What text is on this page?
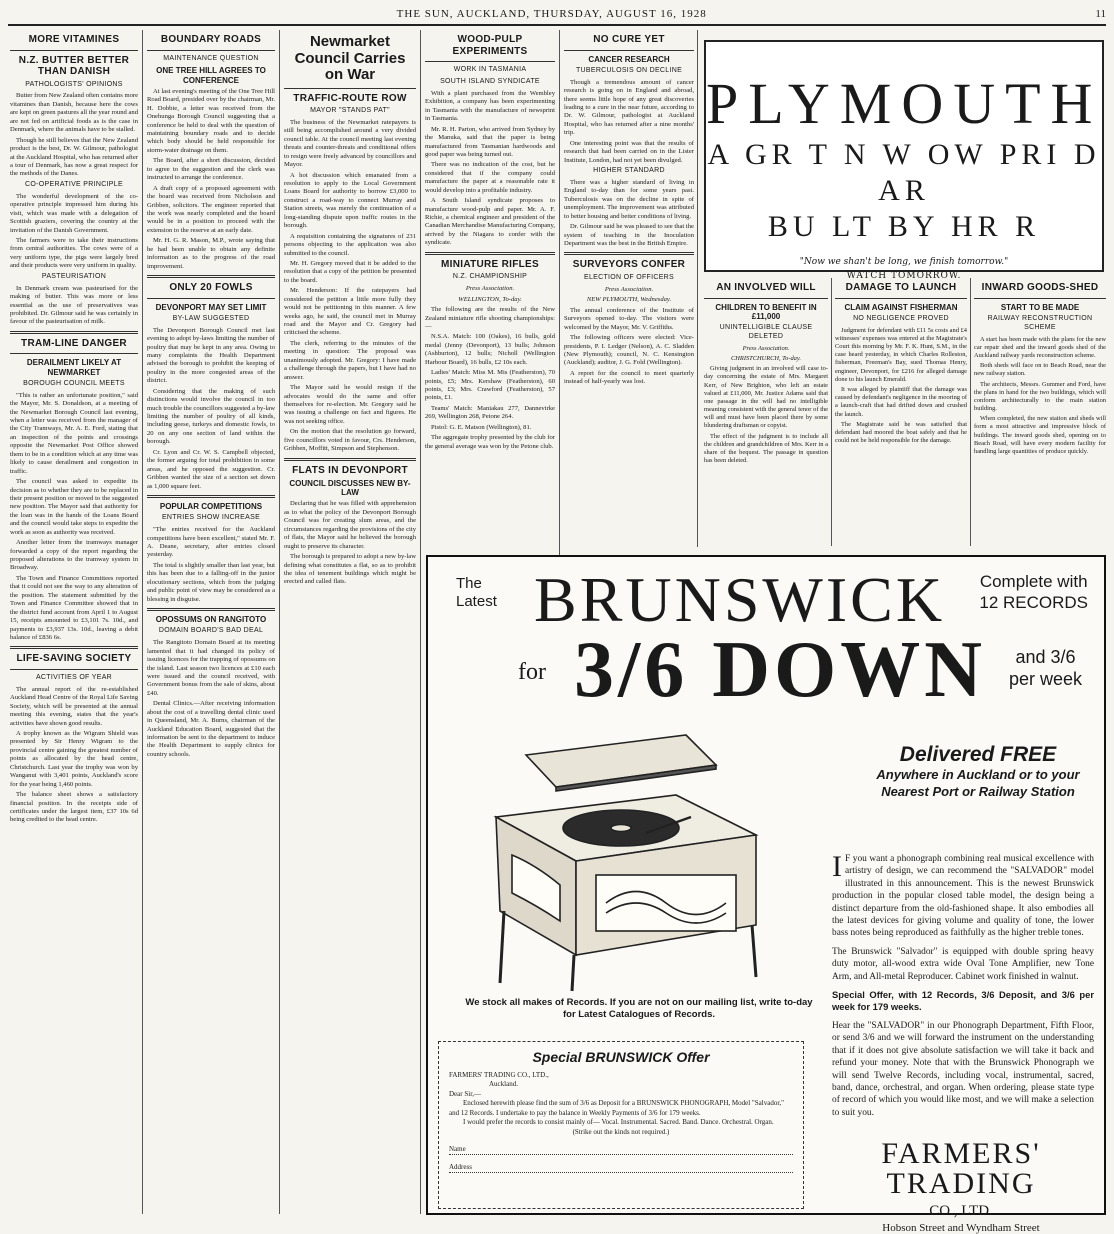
THE SUN, AUCKLAND, THURSDAY, AUGUST 16, 1928	11
MORE VITAMINES
N.Z. BUTTER BETTER THAN DANISH
PATHOLOGISTS' OPINIONS

Butter from New Zealand often contains more vitamines than Danish, because here the cows are kept on green pastures all the year round and are not fed on artificial foods as is the case in Denmark, where the animals have to be stalled.

Though he still believes that the New Zealand product is the best, Dr. W. Gilmour, pathologist at the Auckland Hospital, who has returned after a tour of Denmark, has now a great respect for the methods of the Danes.

CO-OPERATIVE PRINCIPLE

The wonderful development of the co-operative principle impressed him during his visit, which was made with a delegation of Scottish graziers, covering the country at the invitation of the Danish Government.

The farmers were to take their instructions from central authorities. The cows were of a very uniform type, the pigs were largely bred and their products were very uniform in quality.

PASTEURISATION

In Denmark cream was pasteurised for the making of butter. This was more or less essential as the use of preservatives was prohibited. Dr. Gilmour said he was certainly in favour of the pasteurisation of milk.

TRAM-LINE DANGER
DERAILMENT LIKELY AT NEWMARKET
BOROUGH COUNCIL MEETS

"This is rather an unfortunate position," said the Mayor, Mr. S. Donaldson, at a meeting of the Newmarket Borough Council last evening, when a letter was received from the manager of the City Tramways, Mr. A. E. Ford, stating that an inspection of the points and crossings opposite the Newmarket Post Office showed them to be in a condition which at any time was likely to cause derailment and congestion in traffic.

The council was asked to expedite its decision as to whether they are to be replaced in their present position or moved to the suggested new position. The Mayor said that authority for the loan was in the hands of the Loans Board and the council would take steps to expedite the work as soon as authority was received.

Another letter from the tramways manager forwarded a copy of the report regarding the proposed alterations to the tramway system in Broadway.

The Town and Finance Committees reported that it could not see the way to any alteration of the position. The statement submitted by the Town and Finance Committee showed that in the district fund account from April 1 to August 15, receipts amounted to £3,101 7s. 10d., and payments to £3,937 13s. 10d., leaving a debit balance of £836 6s.

LIFE-SAVING SOCIETY
ACTIVITIES OF YEAR

The annual report of the re-established Auckland Head Centre of the Royal Life Saving Society, which will be presented at the annual meeting this evening, states that the year's activities have shown good results.

A trophy known as the Wigram Shield was presented by Sir Henry Wigram to the provincial centre gaining the greatest number of points as allocated by the head centre, Christchurch. Last year the trophy was won by Wanganui with 3,401 points, Auckland's score for the year being 1,460 points.

The balance sheet shows a satisfactory financial position. In the receipts side of certificates under the largest item, £37 10s 6d being credited to the head centre.

BOUNDARY ROADS
MAINTENANCE QUESTION
ONE TREE HILL AGREES TO CONFERENCE

At last evening's meeting of the One Tree Hill Road Board, presided over by the chairman, Mr. H. Dobbie, a letter was received from the Onehunga Borough Council suggesting that a conference be held to deal with the question of maintaining boundary roads and to decide which body should be held responsible for storm-water drainage on them.

The Board, after a short discussion, decided to agree to the suggestion and the clerk was instructed to arrange the conference.

A draft copy of a proposed agreement with the board was received from Nicholson and Gribben, solicitors. The engineer reported that the work was nearly completed and the board would be in a position to proceed with the extension to the reserve at an early date.

Mr. H. G. R. Mason, M.P., wrote saying that he had been unable to obtain any definite information as to the progress of the road improvement.

ONLY 20 FOWLS
DEVONPORT MAY SET LIMIT
BY-LAW SUGGESTED

The Devonport Borough Council met last evening to adopt by-laws limiting the number of poultry that may be kept in any area. Owing to many complaints the Health Department advised the borough to prohibit the keeping of poultry in the more congested areas of the district.

Considering that the making of such distinctions would involve the council in too much trouble the councillors suggested a by-law limiting the number of poultry of all kinds, including geese, turkeys and domestic fowls, to 20 on any one section of land within the borough.

Cr. Lyon and Cr. W. S. Campbell objected, the former arguing for total prohibition in some areas, and he opposed the suggestion. Cr. Gribben wanted the size of a section set down as 1,000 square feet.

POPULAR COMPETITIONS
ENTRIES SHOW INCREASE

"The entries received for the Auckland competitions have been excellent," stated Mr. F. A. Deane, secretary, after entries closed yesterday.

The total is slightly smaller than last year, but this has been due to a falling-off in the junior elocutionary sections, which from the judging and public point of view may be considered as a blessing in disguise.

OPOSSUMS ON RANGITOTO
DOMAIN BOARD'S BAD DEAL

The Rangitoto Domain Board at its meeting lamented that it had changed its policy of issuing licences for the trapping of opossums on the island. Last season two licences at £10 each were issued and the council received, with Government bonus from the sale of skins, about £40.

Dental Clinics.—After receiving information about the cost of a travelling dental clinic used in Queensland, Mr. A. Burns, chairman of the Auckland Education Board, suggested that the information be sent to the department to induce the Health Department to supply clinics for country schools.

Newmarket Council Carries on War
TRAFFIC-ROUTE ROW
MAYOR "STANDS PAT"

The business of the Newmarket ratepayers is still being accomplished around a very divided council table. At the council meeting last evening threats and counter-threats and conditional offers to resign were freely advanced by councillors and Mayor.

A hot discussion which emanated from a resolution to apply to the Local Government Loans Board for authority to borrow £3,000 to construct a road-way to connect Murray and Station streets, was merely the continuation of a long-standing dispute upon traffic routes in the borough.

A requisition containing the signatures of 231 persons objecting to the application was also submitted to the council.

Mr. H. Gregory moved that it be added to the resolution that a copy of the petition be presented to the board.

Mr. Henderson: If the ratepayers had considered the petition a little more fully they would not be petitioning in this manner. A few weeks ago, he said, the council met in Murray road and the Mayor and Cr. Gregory had criticised the scheme.

The clerk, referring to the minutes of the meeting in question: The proposal was unanimously adopted. Mr. Gregory: I have made a challenge through the papers, but I have had no answer.

The Mayor said he would resign if the advocates would do the same and offer themselves for re-election. Mr. Gregory said he was issuing a challenge on fact and figures. He was not seeking office.

On the motion that the resolution go forward, five councillors voted in favour, Crs. Henderson, Gribben, Moffitt, Simpson and Stephenson.

FLATS IN DEVONPORT
COUNCIL DISCUSSES NEW BY-LAW

Declaring that he was filled with apprehension as to what the policy of the Devonport Borough Council was for creating slum areas, and the circumstances regarding the provisions of the city of flats, the Mayor said he believed the borough ought to preserve its character.

The borough is prepared to adopt a new by-law defining what constitutes a flat, so as to prohibit the idea of tenement buildings which might be erected and called flats.

WOOD-PULP EXPERIMENTS
WORK IN TASMANIA
SOUTH ISLAND SYNDICATE

With a plant purchased from the Wembley Exhibition, a company has been experimenting in Tasmania with the manufacture of newsprint in Tasmania.

Mr. R. H. Parton, who arrived from Sydney by the Manuka, said that the paper is being manufactured from Tasmanian hardwoods and good paper was being turned out.

There was no indication of the cost, but he considered that if the company could manufacture the paper at a reasonable rate it would develop into a profitable industry.

A South Island syndicate proposes to manufacture wood-pulp and paper. Mr. A. F. Richie, a chemical engineer and president of the Canadian Merchandise Manufacturing Company, arrived by the Niagara to confer with the syndicate.

MINIATURE RIFLES
N.Z. CHAMPIONSHIP
Press Association.
WELLINGTON, To-day.

The following are the results of the New Zealand miniature rifle shooting championships:—

N.S.A. Match: 100 (Oakes), 16 bulls, gold medal (Jenny (Devonport), 13 bulls; Johnson (Ashburton), 12 bulls; Nicholl (Wellington Harbour Board), 16 bulls, £2 10s each.

Ladies' Match: Miss M. Mis (Featherston), 70 points, £5; Mrs. Kershaw (Featherston), 60 points, £3; Mrs. Crawford (Featherston), 57 points, £1.

Teams' Match: Maniakau 277, Dannevirke 269, Wellington 268, Petone 264.

Pistol: G. E. Matson (Wellington), 81.

The aggregate trophy presented by the club for the general average was won by the Petone club.

NO CURE YET
CANCER RESEARCH
TUBERCULOSIS ON DECLINE

Though a tremendous amount of cancer research is going on in England and abroad, there seems little hope of any great discoveries leading to a cure in the near future, according to Dr. W. Gilmour, pathologist at Auckland Hospital, who has returned after a nine months' trip.

One interesting point was that the results of research that had been carried on in the Lister Institute, London, had not yet been divulged.

HIGHER STANDARD

There was a higher standard of living in England to-day than for some years past. Tuberculosis was on the decline in spite of unemployment. The improvement was attributed to better housing and better conditions of living.

Dr. Gilmour said he was pleased to see that the system of teaching in the Inoculation Department was the best in the British Empire.

SURVEYORS CONFER
ELECTION OF OFFICERS
Press Association.
NEW PLYMOUTH, Wednesday.

The annual conference of the Institute of Surveyors opened to-day. The visitors were welcomed by the Mayor, Mr. V. Griffiths.

The following officers were elected: Vice-presidents, P. I. Ledger (Nelson), A. C. Sladden (New Plymouth); council, N. C. Kensington (Auckland); auditor, J. G. Fold (Wellington).

A report for the council to meet quarterly instead of half-yearly was lost.

PLYMOUTH
A GR T N W OW PRI D AR
BU LT BY HR R
"Now we shan't be long, we finish tomorrow."
WATCH TOMORROW.
AN INVOLVED WILL
CHILDREN TO BENEFIT IN £11,000
UNINTELLIGIBLE CLAUSE DELETED
Press Association.
CHRISTCHURCH, To-day.

Giving judgment in an involved will case to-day concerning the estate of Mrs. Margaret Kerr, of New Brighton, who left an estate valued at £11,000, Mr. Justice Adams said that one passage in the will had no intelligible meaning consistent with the general tenor of the will and must have been placed there by some blundering draftsman or copyist.

The effect of the judgment is to include all the children and grandchildren of Mrs. Kerr in a share of the bequest. The passage in question has been deleted.

DAMAGE TO LAUNCH
CLAIM AGAINST FISHERMAN
NO NEGLIGENCE PROVED

Judgment for defendant with £11 5s costs and £4 witnesses' expenses was entered at the Magistrate's Court this morning by Mr. F. K. Hunt, S.M., in the case heard yesterday, in which Charles Rolleston, fisherman, Freeman's Bay, sued Thomas Henry, engineer, Devonport, for £216 for alleged damage done to his launch Emerald.

It was alleged by plaintiff that the damage was caused by defendant's negligence in the mooring of a launch-craft that had drifted down and crushed the launch.

The Magistrate said he was satisfied that defendant had moored the boat safely and that he could not be held responsible for the damage.

INWARD GOODS-SHED
START TO BE MADE
RAILWAY RECONSTRUCTION SCHEME

A start has been made with the plans for the new car repair shed and the inward goods shed of the Auckland railway yards reconstruction scheme.

Both sheds will face on to Beach Road, near the new railway station.

The architects, Messrs. Gummer and Ford, have the plans in hand for the two buildings, which will conform architecturally to the main station building.

When completed, the new station and sheds will form a most attractive and impressive block of buildings. The inward goods shed, opening on to Beach Road, will have every modern facility for handling large quantities of produce quickly.

The
Latest BRUNSWICK Complete with
12 RECORDS
for 3/6 DOWN	and 3/6
per week
We stock all makes of Records. If you are not on our mailing list, write to-day for Latest Catalogues of Records.
Delivered FREE
Anywhere in Auckland or to your Nearest Port or Railway Station

I F you want a phonograph combining real musical excellence with artistry of design, we can recommend the "SALVADOR" model illustrated in this announcement. This is the newest Brunswick production in the popular closed table model, the design being a distinct departure from the old-fashioned shape. It also embodies all the latest devices for giving volume and quality of tone, the lower bass notes being reproduced as faithfully as the higher treble tones.

The Brunswick "Salvador" is equipped with double spring heavy duty motor, all-wood extra wide Oval Tone Amplifier, new Tone Arm, and All-metal Reproducer. Cabinet work finished in walnut.

Special Offer, with 12 Records, 3/6 Deposit, and 3/6 per week for 179 weeks.

Hear the "SALVADOR" in our Phonograph Department, Fifth Floor, or send 3/6 and we will forward the instrument on the understanding that if it does not give absolute satisfaction we will take it back and refund your money. Note that with the Brunswick Phonograph we will send Twelve Records, including vocal, instrumental, sacred, band, dance, orchestral, and organ. When ordering, please state type of record of which you would like most, and we will make a selection to suit you.

Special BRUNSWICK Offer
FARMERS' TRADING CO., LTD.,
Auckland.
Dear Sir,—
Enclosed herewith please find the sum of 3/6 as Deposit for a BRUNSWICK PHONOGRAPH, Model "Salvador," and 12 Records. I undertake to pay the balance in Weekly Payments of 3/6 for 179 weeks.
I would prefer the records to consist mainly of— Vocal. Instrumental. Sacred. Band. Dance. Orchestral. Organ.
(Strike out the kinds not required.)
Name
Address	FARMERS' TRADING
CO., LTD.
Hobson Street and Wyndham Street
